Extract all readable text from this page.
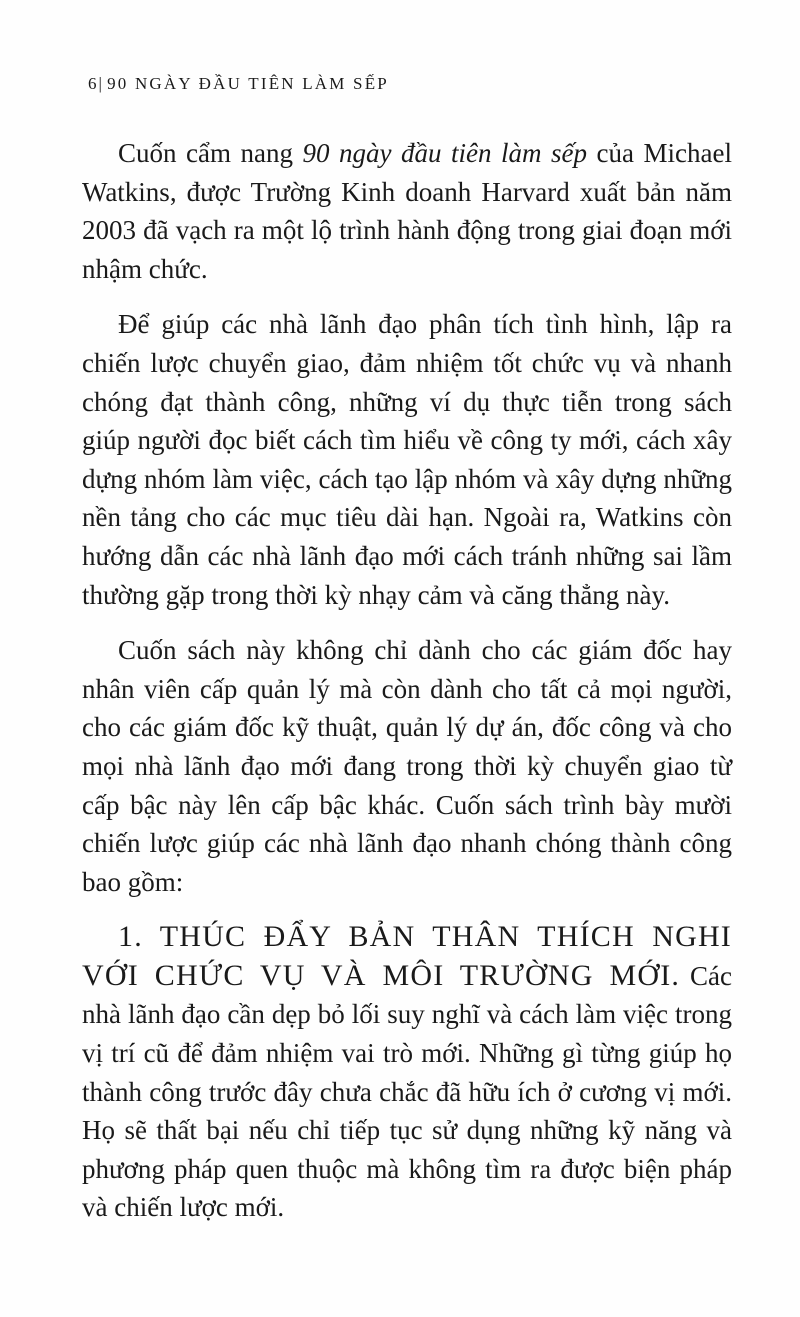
6 | 90 NGÀY ĐẦU TIÊN LÀM SẾP

Cuốn cẩm nang 90 ngày đầu tiên làm sếp của Michael Watkins, được Trường Kinh doanh Harvard xuất bản năm 2003 đã vạch ra một lộ trình hành động trong giai đoạn mới nhậm chức.

Để giúp các nhà lãnh đạo phân tích tình hình, lập ra chiến lược chuyển giao, đảm nhiệm tốt chức vụ và nhanh chóng đạt thành công, những ví dụ thực tiễn trong sách giúp người đọc biết cách tìm hiểu về công ty mới, cách xây dựng nhóm làm việc, cách tạo lập nhóm và xây dựng những nền tảng cho các mục tiêu dài hạn. Ngoài ra, Watkins còn hướng dẫn các nhà lãnh đạo mới cách tránh những sai lầm thường gặp trong thời kỳ nhạy cảm và căng thẳng này.

Cuốn sách này không chỉ dành cho các giám đốc hay nhân viên cấp quản lý mà còn dành cho tất cả mọi người, cho các giám đốc kỹ thuật, quản lý dự án, đốc công và cho mọi nhà lãnh đạo mới đang trong thời kỳ chuyển giao từ cấp bậc này lên cấp bậc khác. Cuốn sách trình bày mười chiến lược giúp các nhà lãnh đạo nhanh chóng thành công bao gồm:

1. THÚC ĐẨY BẢN THÂN THÍCH NGHI VỚI CHỨC VỤ VÀ MÔI TRƯỜNG MỚI. Các nhà lãnh đạo cần dẹp bỏ lối suy nghĩ và cách làm việc trong vị trí cũ để đảm nhiệm vai trò mới. Những gì từng giúp họ thành công trước đây chưa chắc đã hữu ích ở cương vị mới. Họ sẽ thất bại nếu chỉ tiếp tục sử dụng những kỹ năng và phương pháp quen thuộc mà không tìm ra được biện pháp và chiến lược mới.
